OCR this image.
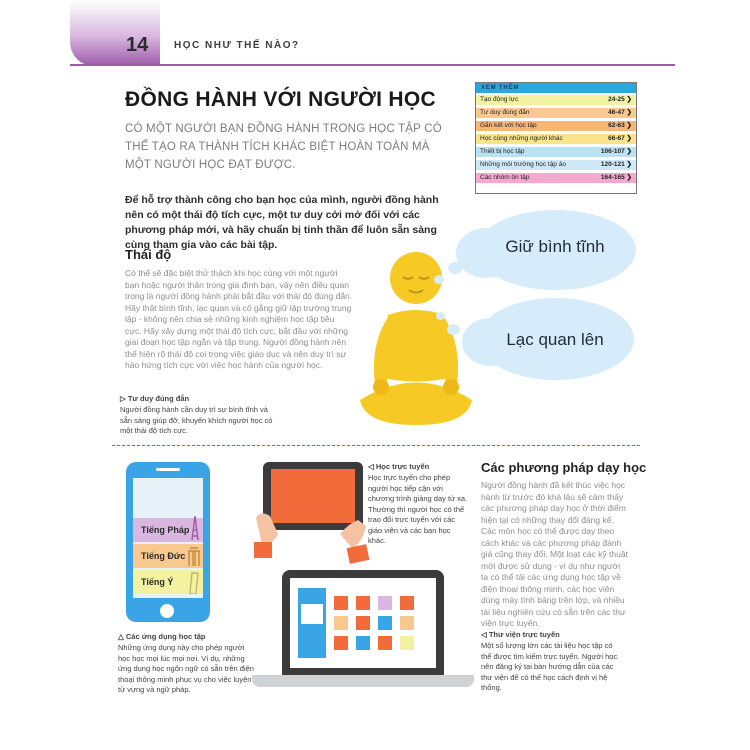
14	HỌC NHƯ THẾ NÀO?
ĐỒNG HÀNH VỚI NGƯỜI HỌC
CÓ MỘT NGƯỜI BẠN ĐỒNG HÀNH TRONG HỌC TẬP CÓ THỂ TẠO RA THÀNH TÍCH KHÁC BIỆT HOÀN TOÀN MÀ MỘT NGƯỜI HỌC ĐẠT ĐƯỢC.
Để hỗ trợ thành công cho bạn học của mình, người đồng hành nên có một thái độ tích cực, một tư duy cởi mở đối với các phương pháp mới, và hãy chuẩn bị tinh thần để luôn sẵn sàng cùng tham gia vào các bài tập.
XEM THÊM
Tạo động lực	24-25 ❯
Tư duy đúng đắn	46-47 ❯
Gắn kết với học tập	62-63 ❯
Học cùng những người khác	66-67 ❯
Thiết bị học tập	106-107 ❯
Những môi trường học tập ảo	120-121 ❯
Các nhóm ôn tập	164-165 ❯
Thái độ
Có thể sẽ đặc biệt thử thách khi học cùng với một người bạn hoặc người thân trong gia đình bạn, vậy nên điều quan trọng là người đồng hành phải bắt đầu với thái độ đúng đắn. Hãy thật bình tĩnh, lạc quan và cố gắng giữ lập trường trung lập - không nên chia sẻ những kinh nghiệm học tập tiêu cực. Hãy xây dựng một thái độ tích cực, bắt đầu với những giai đoạn học tập ngắn và tập trung. Người đồng hành nên thể hiện rõ thái độ coi trọng việc giáo dục và nên duy trì sự hào hứng tích cực với việc học hành của người học.
▷ Tư duy đúng đắn
Người đồng hành cần duy trì sự bình tĩnh và sẵn sàng giúp đỡ, khuyến khích người học có một thái độ tích cực.
Giữ bình tĩnh
Lạc quan lên
Tiếng Pháp
Tiếng Đức
Tiếng Ý
△ Các ứng dụng học tập
Những ứng dụng này cho phép người học học mọi lúc mọi nơi. Ví dụ, những ứng dụng học ngôn ngữ có sẵn trên điện thoại thông minh phục vụ cho việc luyện từ vựng và ngữ pháp.
◁ Học trực tuyến
Học trực tuyến cho phép người học tiếp cận với chương trình giảng dạy từ xa. Thường thì người học có thể trao đổi trực tuyến với các giáo viên và các bạn học khác.
Các phương pháp dạy học
Người đồng hành đã kết thúc việc học hành từ trước đó khá lâu sẽ cảm thấy các phương pháp dạy học ở thời điểm hiện tại có những thay đổi đáng kể. Các môn học có thể được dạy theo cách khác và các phương pháp đánh giá cũng thay đổi. Một loạt các kỹ thuật mới được sử dụng - ví dụ như người ta có thể tải các ứng dụng học tập về điện thoại thông minh, các học viên dùng máy tính bảng trên lớp, và nhiều tài liệu nghiên cứu có sẵn trên các thư viện trực tuyến.
◁ Thư viện trực tuyến
Một số lượng lớn các tài liệu học tập có thể được tìm kiếm trực tuyến. Người học nên đăng ký tại bàn hướng dẫn của các thư viện để có thể học cách định vị hệ thống.
